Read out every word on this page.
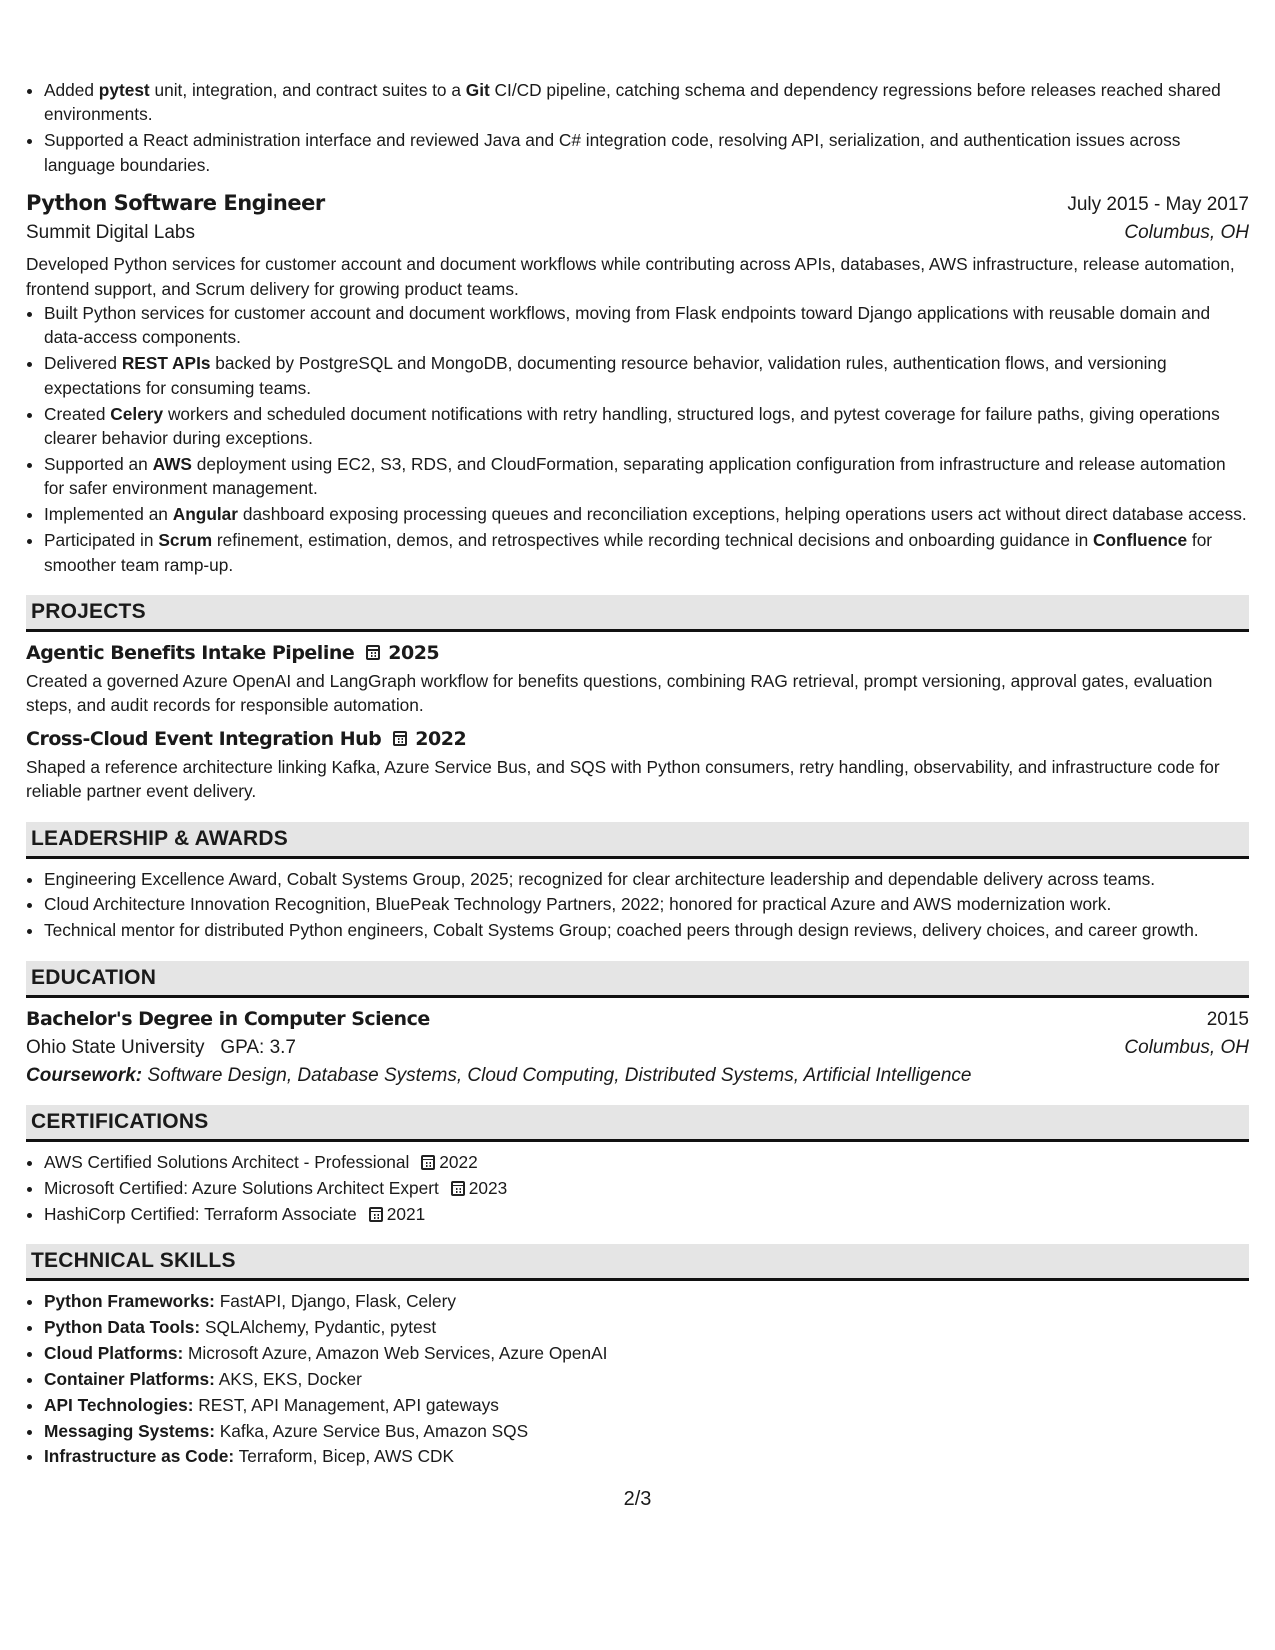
• Added pytest unit, integration, and contract suites to a Git CI/CD pipeline, catching schema and dependency regressions before releases reached shared environments.
• Supported a React administration interface and reviewed Java and C# integration code, resolving API, serialization, and authentication issues across language boundaries.
Python Software Engineer	July 2015 - May 2017
Summit Digital Labs	Columbus, OH
Developed Python services for customer account and document workflows while contributing across APIs, databases, AWS infrastructure, release automation, frontend support, and Scrum delivery for growing product teams.
• Built Python services for customer account and document workflows, moving from Flask endpoints toward Django applications with reusable domain and data-access components.
• Delivered REST APIs backed by PostgreSQL and MongoDB, documenting resource behavior, validation rules, authentication flows, and versioning expectations for consuming teams.
• Created Celery workers and scheduled document notifications with retry handling, structured logs, and pytest coverage for failure paths, giving operations clearer behavior during exceptions.
• Supported an AWS deployment using EC2, S3, RDS, and CloudFormation, separating application configuration from infrastructure and release automation for safer environment management.
• Implemented an Angular dashboard exposing processing queues and reconciliation exceptions, helping operations users act without direct database access.
• Participated in Scrum refinement, estimation, demos, and retrospectives while recording technical decisions and onboarding guidance in Confluence for smoother team ramp-up.
PROJECTS
Agentic Benefits Intake Pipeline 2025
Created a governed Azure OpenAI and LangGraph workflow for benefits questions, combining RAG retrieval, prompt versioning, approval gates, evaluation steps, and audit records for responsible automation.
Cross-Cloud Event Integration Hub 2022
Shaped a reference architecture linking Kafka, Azure Service Bus, and SQS with Python consumers, retry handling, observability, and infrastructure code for reliable partner event delivery.
LEADERSHIP & AWARDS
• Engineering Excellence Award, Cobalt Systems Group, 2025; recognized for clear architecture leadership and dependable delivery across teams.
• Cloud Architecture Innovation Recognition, BluePeak Technology Partners, 2022; honored for practical Azure and AWS modernization work.
• Technical mentor for distributed Python engineers, Cobalt Systems Group; coached peers through design reviews, delivery choices, and career growth.
EDUCATION
Bachelor's Degree in Computer Science	2015
Ohio State University GPA: 3.7	Columbus, OH
Coursework: Software Design, Database Systems, Cloud Computing, Distributed Systems, Artificial Intelligence
CERTIFICATIONS
• AWS Certified Solutions Architect - Professional 2022
• Microsoft Certified: Azure Solutions Architect Expert 2023
• HashiCorp Certified: Terraform Associate 2021
TECHNICAL SKILLS
• Python Frameworks: FastAPI, Django, Flask, Celery
• Python Data Tools: SQLAlchemy, Pydantic, pytest
• Cloud Platforms: Microsoft Azure, Amazon Web Services, Azure OpenAI
• Container Platforms: AKS, EKS, Docker
• API Technologies: REST, API Management, API gateways
• Messaging Systems: Kafka, Azure Service Bus, Amazon SQS
• Infrastructure as Code: Terraform, Bicep, AWS CDK
2/3
